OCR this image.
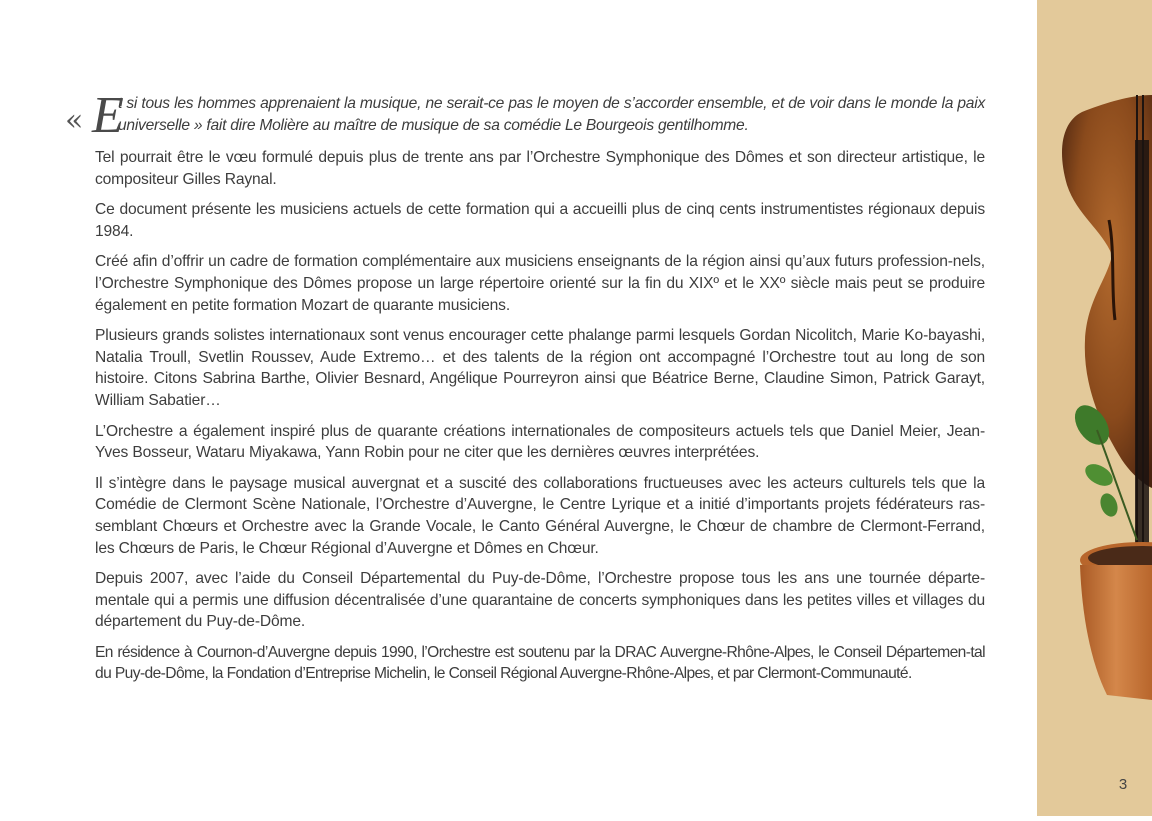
« E
t si tous les hommes apprenaient la musique, ne serait-ce pas le moyen de s’accorder ensemble, et de voir dans le monde la paix universelle » fait dire Molière au maître de musique de sa comédie Le Bourgeois gentilhomme.

Tel pourrait être le vœu formulé depuis plus de trente ans par l’Orchestre Symphonique des Dômes et son directeur artistique, le compositeur Gilles Raynal.

Ce document présente les musiciens actuels de cette formation qui a accueilli plus de cinq cents instrumentistes régionaux depuis 1984.

Créé afin d’offrir un cadre de formation complémentaire aux musiciens enseignants de la région ainsi qu’aux futurs profession-nels, l’Orchestre Symphonique des Dômes propose un large répertoire orienté sur la fin du XIXº et le XXº siècle mais peut se produire également en petite formation Mozart de quarante musiciens.

Plusieurs grands solistes internationaux sont venus encourager cette phalange parmi lesquels Gordan Nicolitch, Marie Ko-bayashi, Natalia Troull, Svetlin Roussev, Aude Extremo… et des talents de la région ont accompagné l’Orchestre tout au long de son histoire. Citons Sabrina Barthe, Olivier Besnard, Angélique Pourreyron ainsi que Béatrice Berne, Claudine Simon, Patrick Garayt, William Sabatier…

L’Orchestre a également inspiré plus de quarante créations internationales de compositeurs actuels tels que Daniel Meier, Jean-Yves Bosseur, Wataru Miyakawa, Yann Robin pour ne citer que les dernières œuvres interprétées.

Il s’intègre dans le paysage musical auvergnat et a suscité des collaborations fructueuses avec les acteurs culturels tels que la Comédie de Clermont Scène Nationale, l’Orchestre d’Auvergne, le Centre Lyrique et a initié d’importants projets fédérateurs ras-semblant Chœurs et Orchestre avec la Grande Vocale, le Canto Général Auvergne, le Chœur de chambre de Clermont-Ferrand, les Chœurs de Paris, le Chœur Régional d’Auvergne et Dômes en Chœur.

Depuis 2007, avec l’aide du Conseil Départemental du Puy-de-Dôme, l’Orchestre propose tous les ans une tournée départe-mentale qui a permis une diffusion décentralisée d’une quarantaine de concerts symphoniques dans les petites villes et villages du département du Puy-de-Dôme.

En résidence à Cournon-d’Auvergne depuis 1990, l’Orchestre est soutenu par la DRAC Auvergne-Rhône-Alpes, le Conseil Départemen-tal du Puy-de-Dôme, la Fondation d’Entreprise Michelin, le Conseil Régional Auvergne-Rhône-Alpes, et par Clermont-Communauté.

3
